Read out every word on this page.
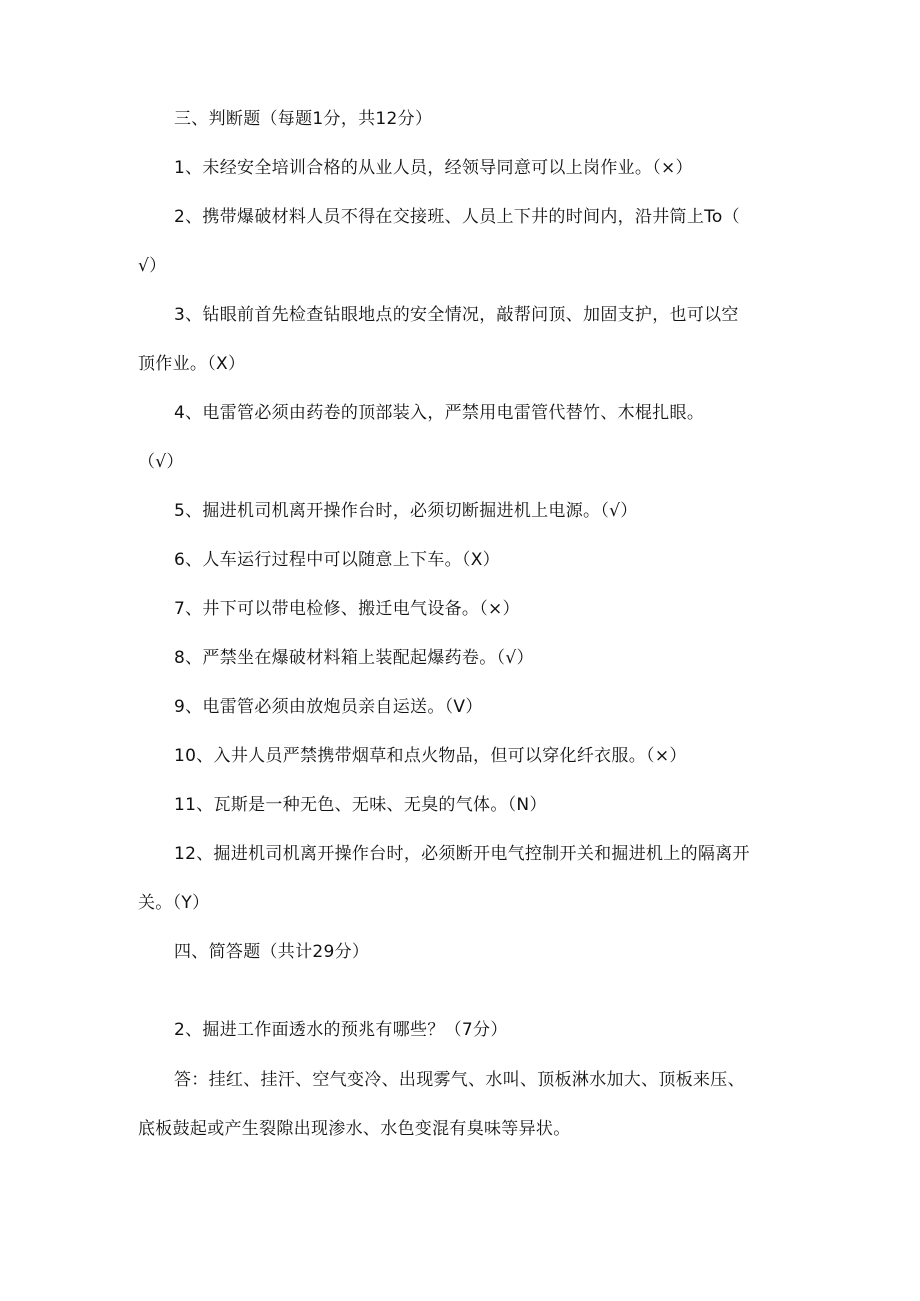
三、判断题（每题1分，共12分）
1、未经安全培训合格的从业人员，经领导同意可以上岗作业。（×）
2、携带爆破材料人员不得在交接班、人员上下井的时间内，沿井筒上To（
√）
3、钻眼前首先检查钻眼地点的安全情况，敲帮问顶、加固支护，也可以空
顶作业。（X）
4、电雷管必须由药卷的顶部装入，严禁用电雷管代替竹、木棍扎眼。
（√）
5、掘进机司机离开操作台时，必须切断掘进机上电源。（√）
6、人车运行过程中可以随意上下车。（X）
7、井下可以带电检修、搬迁电气设备。（×）
8、严禁坐在爆破材料箱上装配起爆药卷。（√）
9、电雷管必须由放炮员亲自运送。（V）
10、入井人员严禁携带烟草和点火物品，但可以穿化纤衣服。（×）
11、瓦斯是一种无色、无味、无臭的气体。（N）
12、掘进机司机离开操作台时，必须断开电气控制开关和掘进机上的隔离开
关。（Y）
四、简答题（共计29分）
2、掘进工作面透水的预兆有哪些？（7分）
答：挂红、挂汗、空气变冷、出现雾气、水叫、顶板淋水加大、顶板来压、
底板鼓起或产生裂隙出现渗水、水色变混有臭味等异状。
